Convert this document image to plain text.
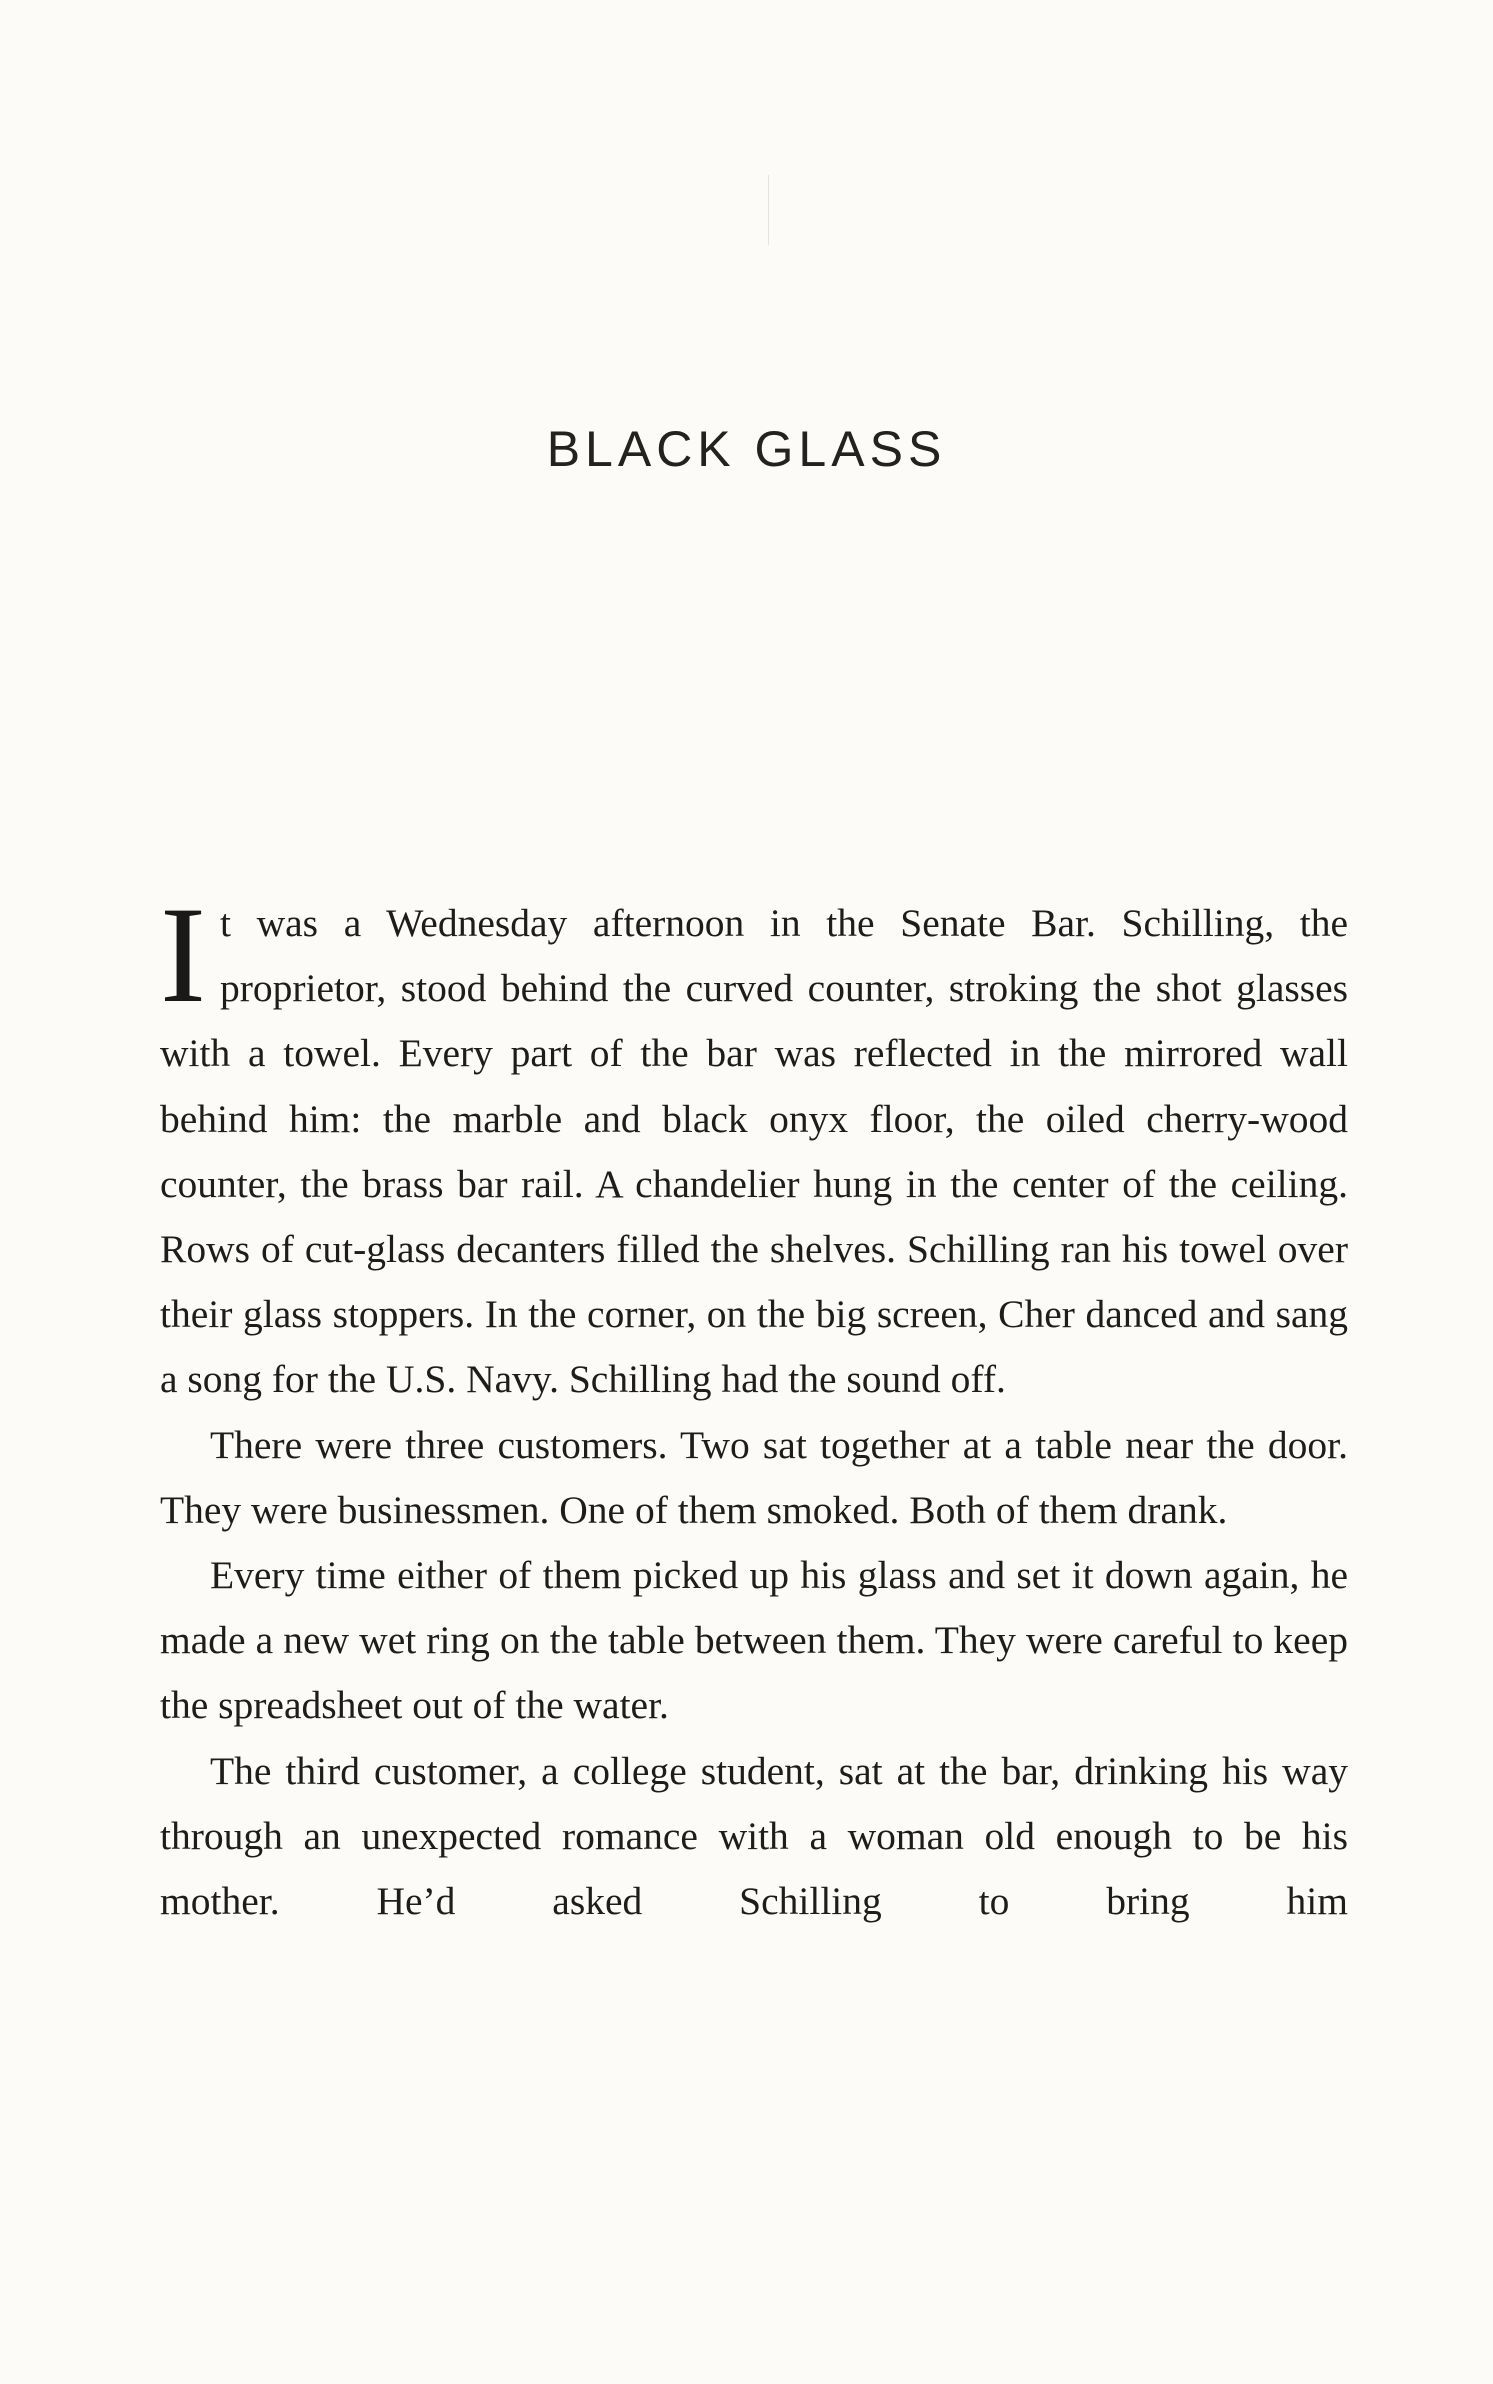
BLACK GLASS

It was a Wednesday afternoon in the Senate Bar. Schilling, the proprietor, stood behind the curved counter, stroking the shot glasses with a towel. Every part of the bar was reflected in the mirrored wall behind him: the marble and black onyx floor, the oiled cherry-wood counter, the brass bar rail. A chandelier hung in the center of the ceiling. Rows of cut-glass decanters filled the shelves. Schilling ran his towel over their glass stoppers. In the corner, on the big screen, Cher danced and sang a song for the U.S. Navy. Schilling had the sound off.

There were three customers. Two sat together at a table near the door. They were businessmen. One of them smoked. Both of them drank.

Every time either of them picked up his glass and set it down again, he made a new wet ring on the table between them. They were careful to keep the spreadsheet out of the water.

The third customer, a college student, sat at the bar, drinking his way through an unexpected romance with a woman old enough to be his mother. He’d asked Schilling to bring him
